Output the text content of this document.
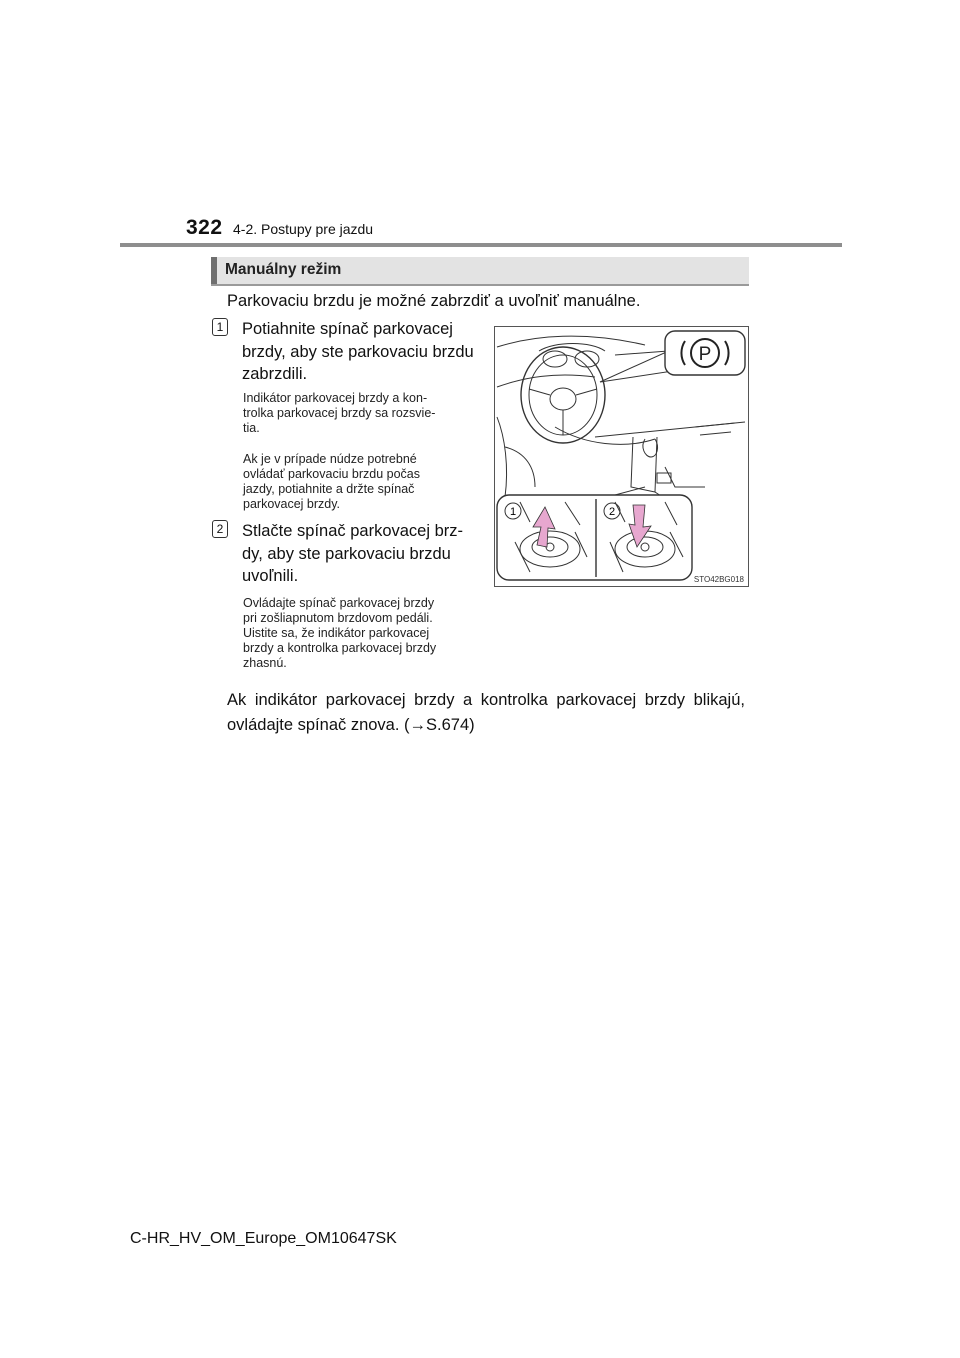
322 4-2. Postupy pre jazdu
Manuálny režim
Parkovaciu brzdu je možné zabrzdiť a uvoľniť manuálne.
1 Potiahnite spínač parkovacej
brzdy, aby ste parkovaciu brzdu
zabrzdili.
Indikátor parkovacej brzdy a kon-
trolka parkovacej brzdy sa rozsvie-
tia.
Ak je v prípade núdze potrebné
ovládať parkovaciu brzdu počas
jazdy, potiahnite a držte spínač
parkovacej brzdy.
2 Stlačte spínač parkovacej brz-
dy, aby ste parkovaciu brzdu
uvoľnili.
Ovládajte spínač parkovacej brzdy
pri zošliapnutom brzdovom pedáli.
Uistite sa, že indikátor parkovacej
brzdy a kontrolka parkovacej brzdy
zhasnú.
Ak indikátor parkovacej brzdy a kontrolka parkovacej brzdy blikajú,
ovládajte spínač znova. (→S.674)
P
1	2
STO42BG018
C-HR_HV_OM_Europe_OM10647SK
